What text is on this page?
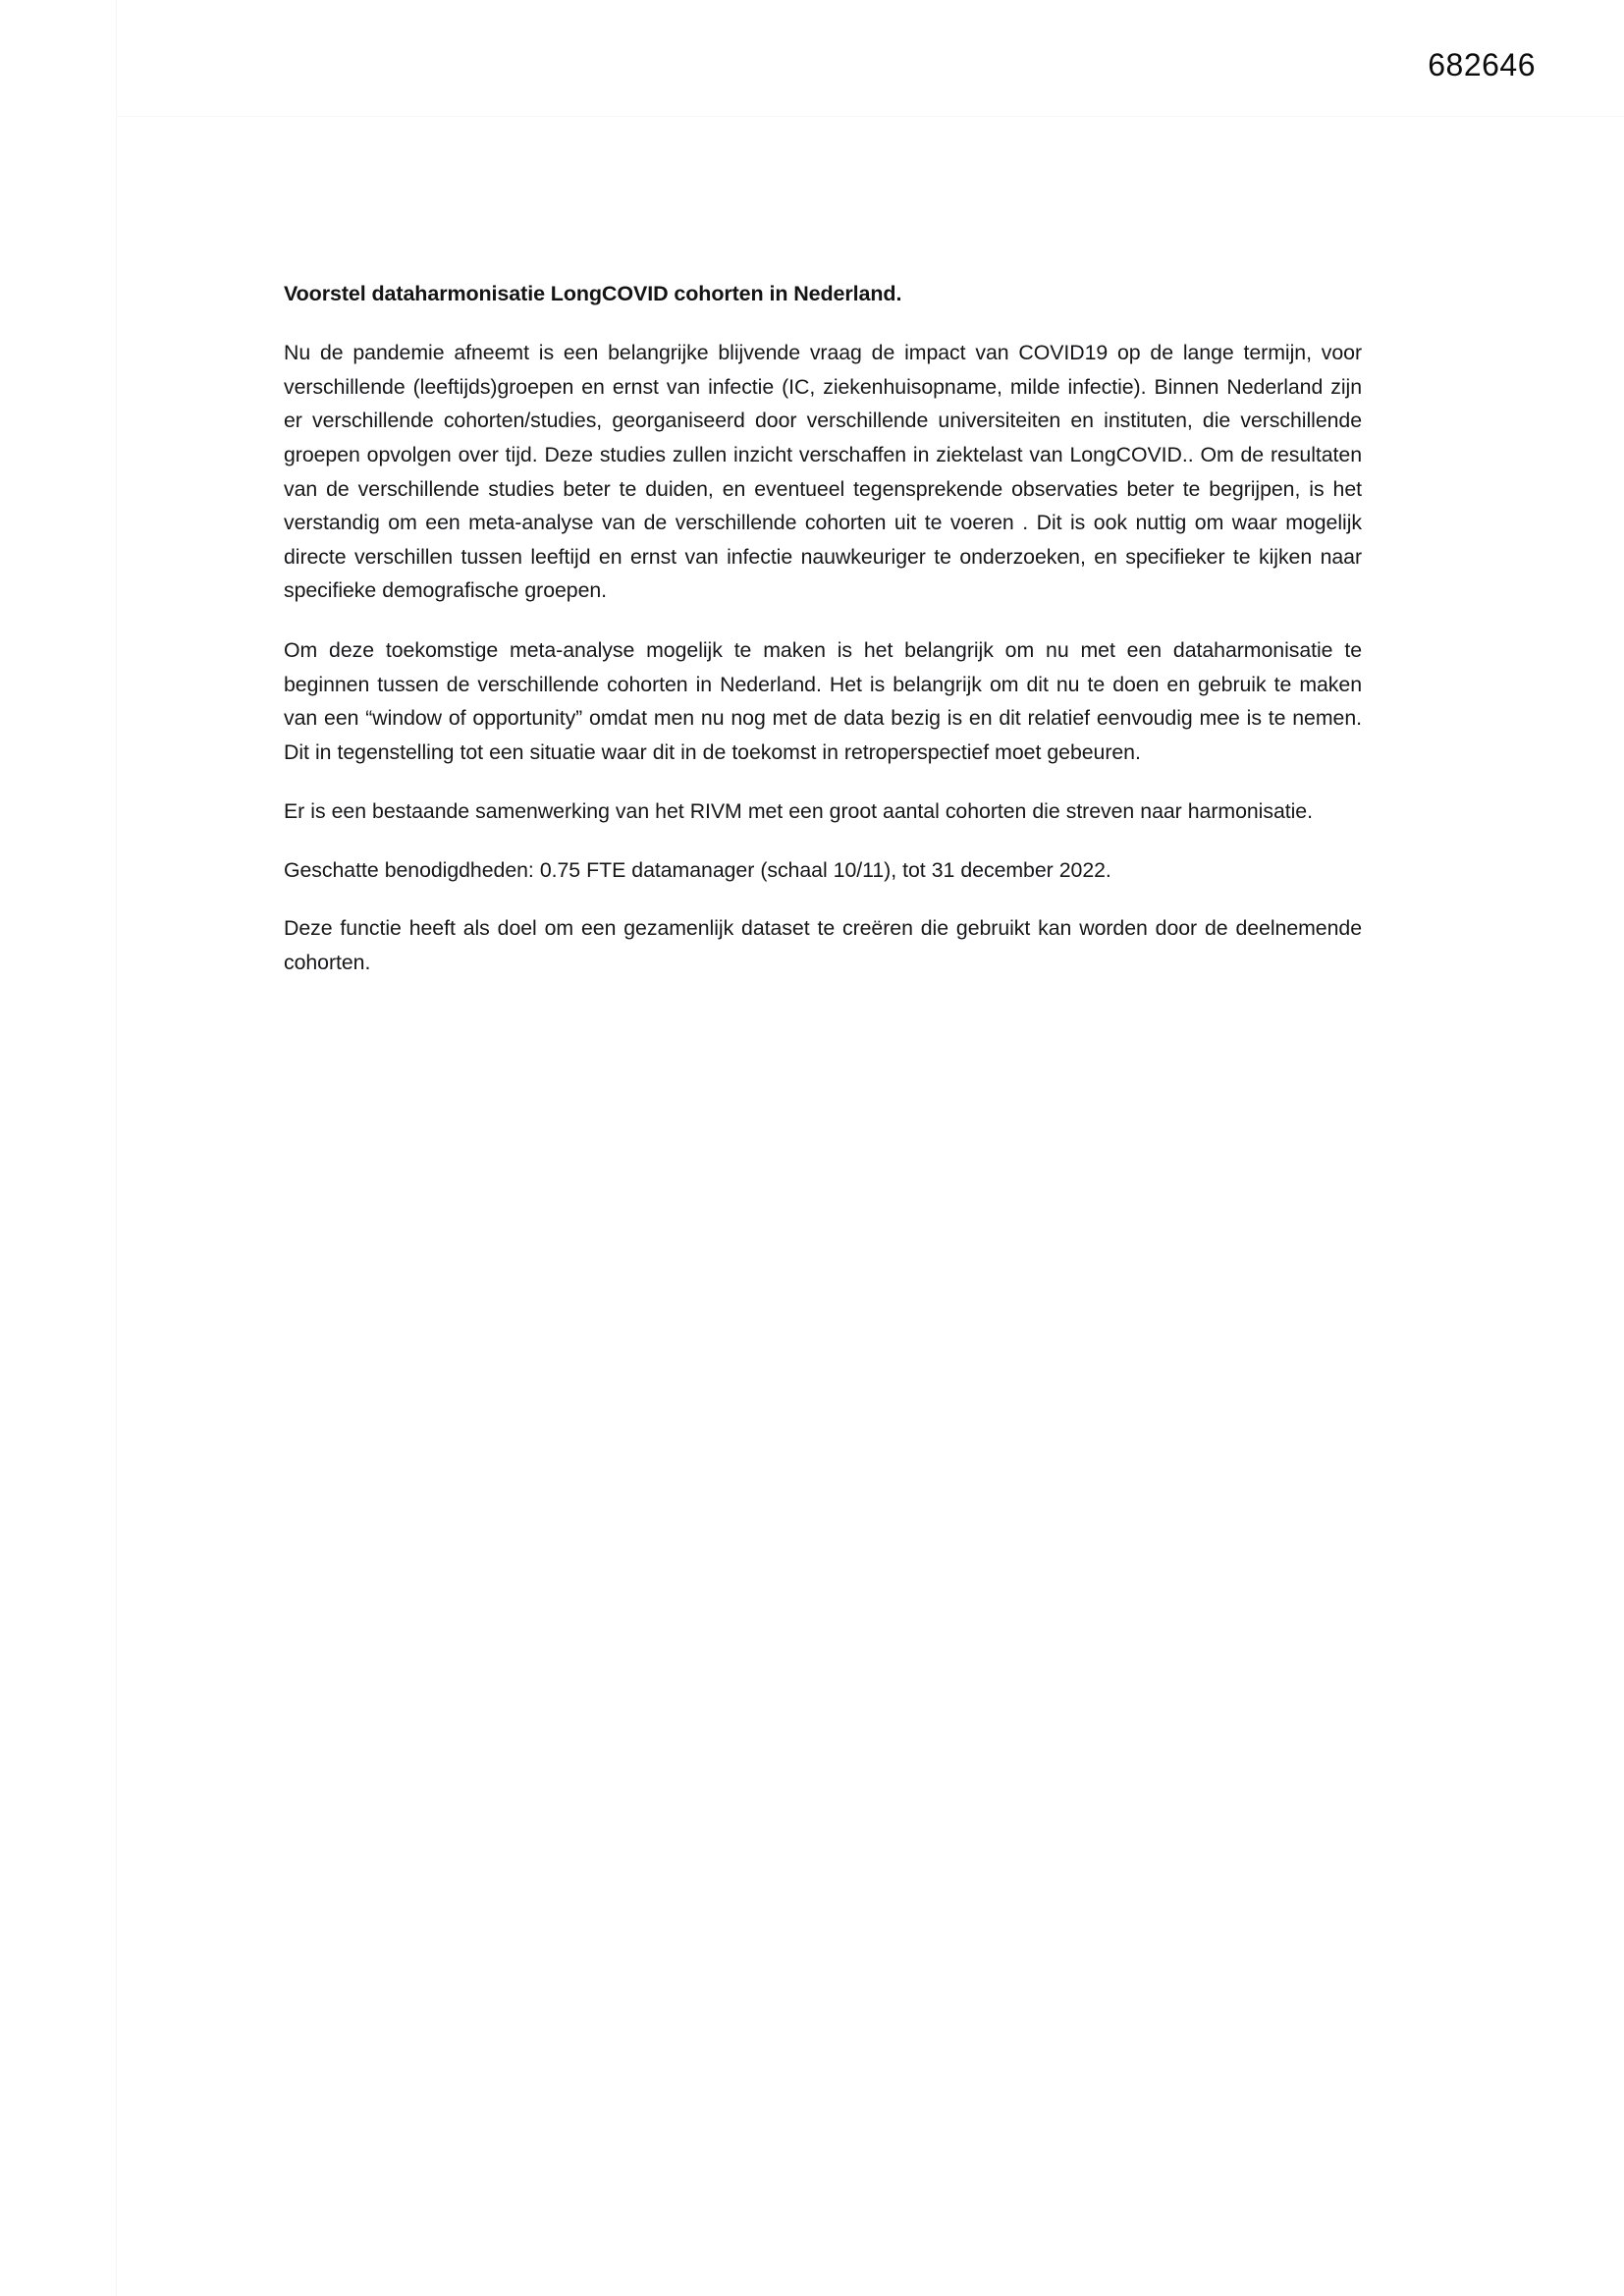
682646

Voorstel dataharmonisatie LongCOVID cohorten in Nederland.

Nu de pandemie afneemt is een belangrijke blijvende vraag de impact van COVID19 op de lange termijn, voor verschillende (leeftijds)groepen en ernst van infectie (IC, ziekenhuisopname, milde infectie). Binnen Nederland zijn er verschillende cohorten/studies, georganiseerd door verschillende universiteiten en instituten, die verschillende groepen opvolgen over tijd. Deze studies zullen inzicht verschaffen in ziektelast van LongCOVID.. Om de resultaten van de verschillende studies beter te duiden, en eventueel tegensprekende observaties beter te begrijpen, is het verstandig om een meta-analyse van de verschillende cohorten uit te voeren . Dit is ook nuttig om waar mogelijk directe verschillen tussen leeftijd en ernst van infectie nauwkeuriger te onderzoeken, en specifieker te kijken naar specifieke demografische groepen.

Om deze toekomstige meta-analyse mogelijk te maken is het belangrijk om nu met een dataharmonisatie te beginnen tussen de verschillende cohorten in Nederland. Het is belangrijk om dit nu te doen en gebruik te maken van een “window of opportunity” omdat men nu nog met de data bezig is en dit relatief eenvoudig mee is te nemen. Dit in tegenstelling tot een situatie waar dit in de toekomst in retroperspectief moet gebeuren.

Er is een bestaande samenwerking van het RIVM met een groot aantal cohorten die streven naar harmonisatie.

Geschatte benodigdheden: 0.75 FTE datamanager (schaal 10/11), tot 31 december 2022.

Deze functie heeft als doel om een gezamenlijk dataset te creëren die gebruikt kan worden door de deelnemende cohorten.
